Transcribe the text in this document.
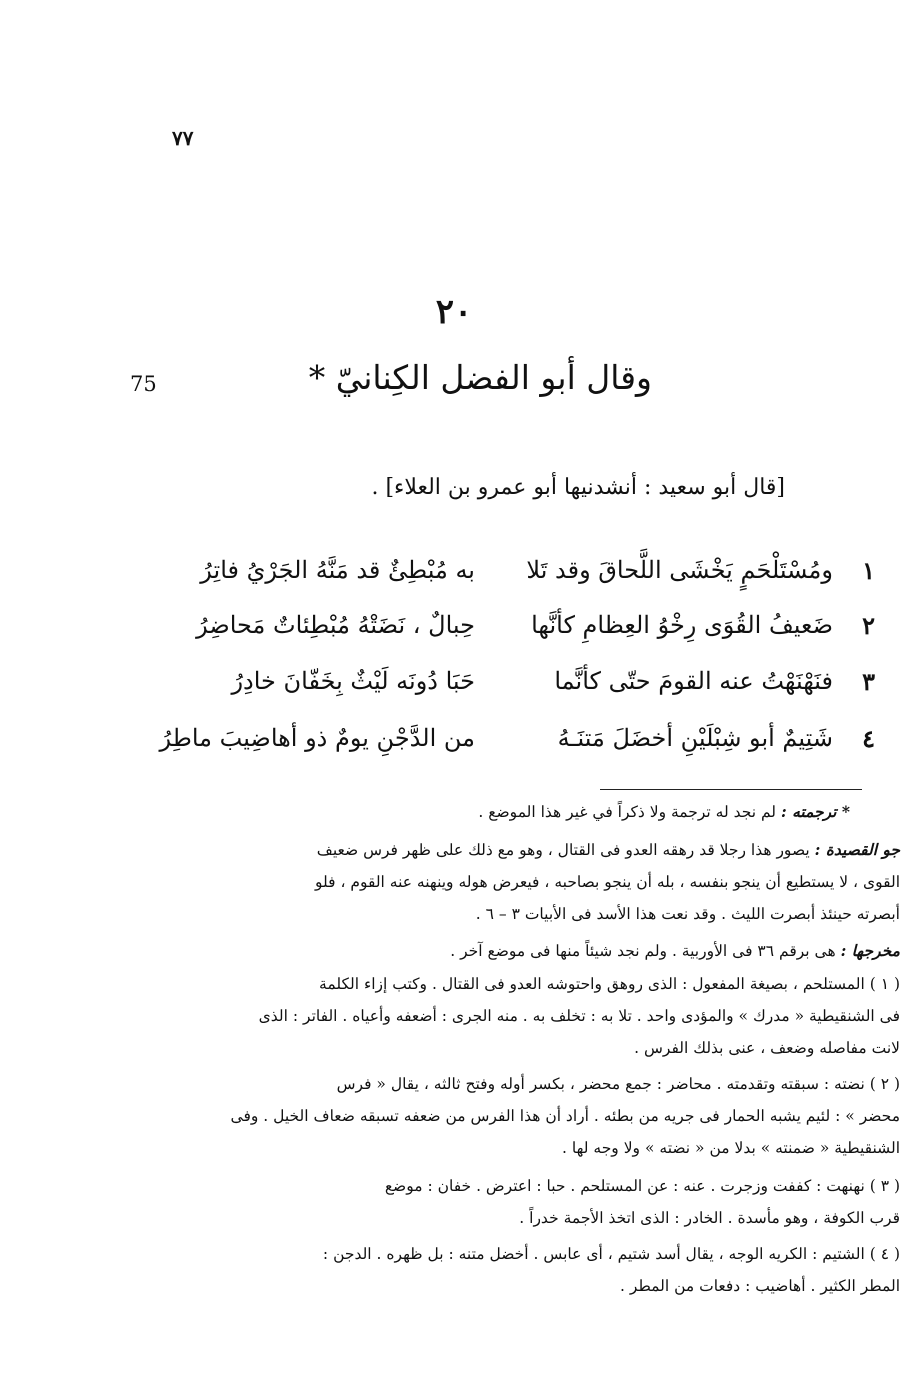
٧٧
٢٠
75	وقال أبو الفضل الكِنانيّ *
[قال أبو سعيد : أنشدنيها أبو عمرو بن العلاء] .
١
ومُسْتَلْحَمٍ يَخْشَى اللَّحاقَ وقد تَلا
به مُبْطِئٌ قد مَنَّهُ الجَرْيُ فاتِرُ
٢
ضَعيفُ القُوَى رِخْوُ العِظامِ كأنَّها
حِبالٌ ، نَضَتْهُ مُبْطِئاتٌ مَحاضِرُ
٣
فنَهْنَهْتُ عنه القومَ حتّى كأنَّما
حَبَا دُونَه لَيْثٌ بِخَفّانَ خادِرُ
٤
شَتِيمٌ أبو شِبْلَيْنِ أخضَلَ مَتنَـهُ
من الدَّجْنِ يومٌ ذو أهاضِيبَ ماطِرُ
* ترجمته : لم نجد له ترجمة ولا ذكراً في غير هذا الموضع .
جو القصيدة : يصور هذا رجلا قد رهقه العدو فى القتال ، وهو مع ذلك على ظهر فرس ضعيف
القوى ، لا يستطيع أن ينجو بنفسه ، بله أن ينجو بصاحبه ، فيعرض هوله وينهنه عنه القوم ، فلو
أبصرته حينئذ أبصرت الليث . وقد نعت هذا الأسد فى الأبيات ٣ – ٦ .
مخرجها : هى برقم ٣٦ فى الأوربية . ولم نجد شيئاً منها فى موضع آخر .
( ١ ) المستلحم ، بصيغة المفعول : الذى روهق واحتوشه العدو فى القتال . وكتب إزاء الكلمة
فى الشنقيطية « مدرك » والمؤدى واحد . تلا به : تخلف به . منه الجرى : أضعفه وأعياه . الفاتر : الذى
لانت مفاصله وضعف ، عنى بذلك الفرس .
( ٢ ) نضته : سبقته وتقدمته . محاضر : جمع محضر ، بكسر أوله وفتح ثالثه ، يقال « فرس
محضر » : لئيم يشبه الحمار فى جريه من بطئه . أراد أن هذا الفرس من ضعفه تسبقه ضعاف الخيل . وفى
الشنقيطية « ضمنته » بدلا من « نضته » ولا وجه لها .
( ٣ ) نهنهت : كففت وزجرت . عنه : عن المستلحم . حبا : اعترض . خفان : موضع
قرب الكوفة ، وهو مأسدة . الخادر : الذى اتخذ الأجمة خدراً .
( ٤ ) الشتيم : الكريه الوجه ، يقال أسد شتيم ، أى عابس . أخضل متنه : بل ظهره . الدجن :
المطر الكثير . أهاضيب : دفعات من المطر .
